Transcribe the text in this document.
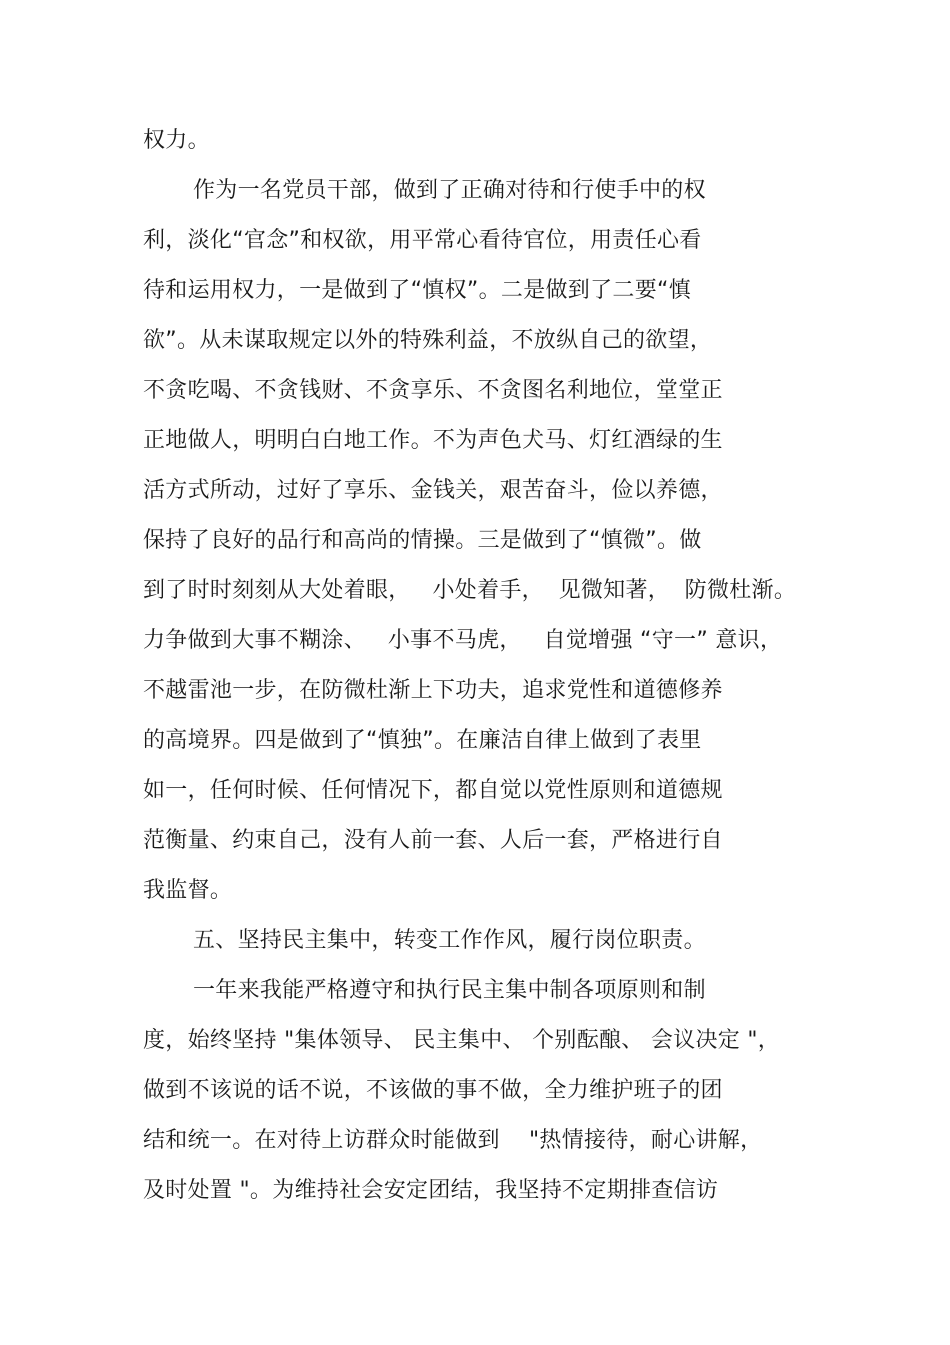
权力。
作为一名党员干部，做到了正确对待和行使手中的权
利，淡化“官念”和权欲，用平常心看待官位，用责任心看
待和运用权力，一是做到了“慎权”。二是做到了二要“慎
欲”。从未谋取规定以外的特殊利益，不放纵自己的欲望，
不贪吃喝、不贪钱财、不贪享乐、不贪图名利地位，堂堂正
正地做人，明明白白地工作。不为声色犬马、灯红酒绿的生
活方式所动，过好了享乐、金钱关，艰苦奋斗，俭以养德，
保持了良好的品行和高尚的情操。三是做到了“慎微”。做
到了时时刻刻从大处着眼，   小处着手，  见微知著，  防微杜渐。
力争做到大事不糊涂、   小事不马虎，   自觉增强 “守一” 意识，
不越雷池一步，在防微杜渐上下功夫，追求党性和道德修养
的高境界。四是做到了“慎独”。在廉洁自律上做到了表里
如一，任何时候、任何情况下，都自觉以党性原则和道德规
范衡量、约束自己，没有人前一套、人后一套，严格进行自
我监督。
五、坚持民主集中，转变工作作风，履行岗位职责。
一年来我能严格遵守和执行民主集中制各项原则和制
度，始终坚持 "集体领导、 民主集中、 个别酝酿、 会议决定 "，
做到不该说的话不说，不该做的事不做，全力维护班子的团
结和统一。在对待上访群众时能做到    "热情接待，耐心讲解，
及时处置 "。为维持社会安定团结，我坚持不定期排查信访
